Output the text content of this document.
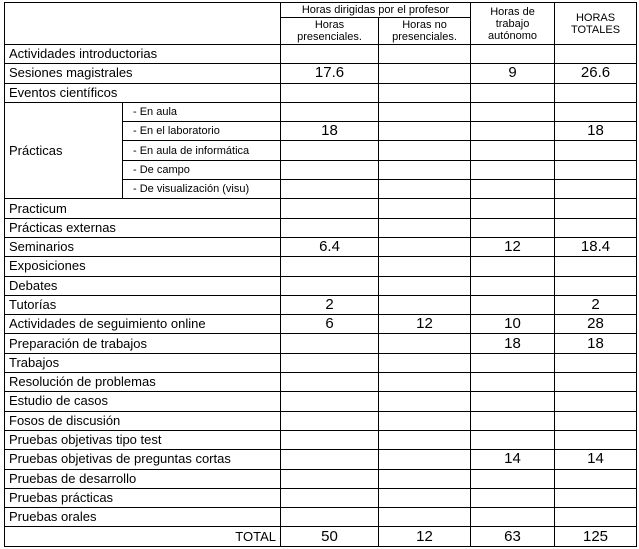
		Horas dirigidas por el profesor		Horas de trabajo autónomo	HORAS TOTALES
		Horas presenciales.	Horas no presenciales.		
Actividades introductorias					
Sesiones magistrales		17.6		9	26.6
Eventos científicos					
Prácticas	- En aula				
	- En el laboratorio	18			18
	- En aula de informática				
	- De campo				
	- De visualización (visu)				
Practicum					
Prácticas externas					
Seminarios		6.4		12	18.4
Exposiciones					
Debates					
Tutorías		2			2
Actividades de seguimiento online		6	12	10	28
Preparación de trabajos				18	18
Trabajos					
Resolución de problemas					
Estudio de casos					
Fosos de discusión					
Pruebas objetivas tipo test					
Pruebas objetivas de preguntas cortas				14	14
Pruebas de desarrollo					
Pruebas prácticas					
Pruebas orales					
TOTAL		50	12	63	125
